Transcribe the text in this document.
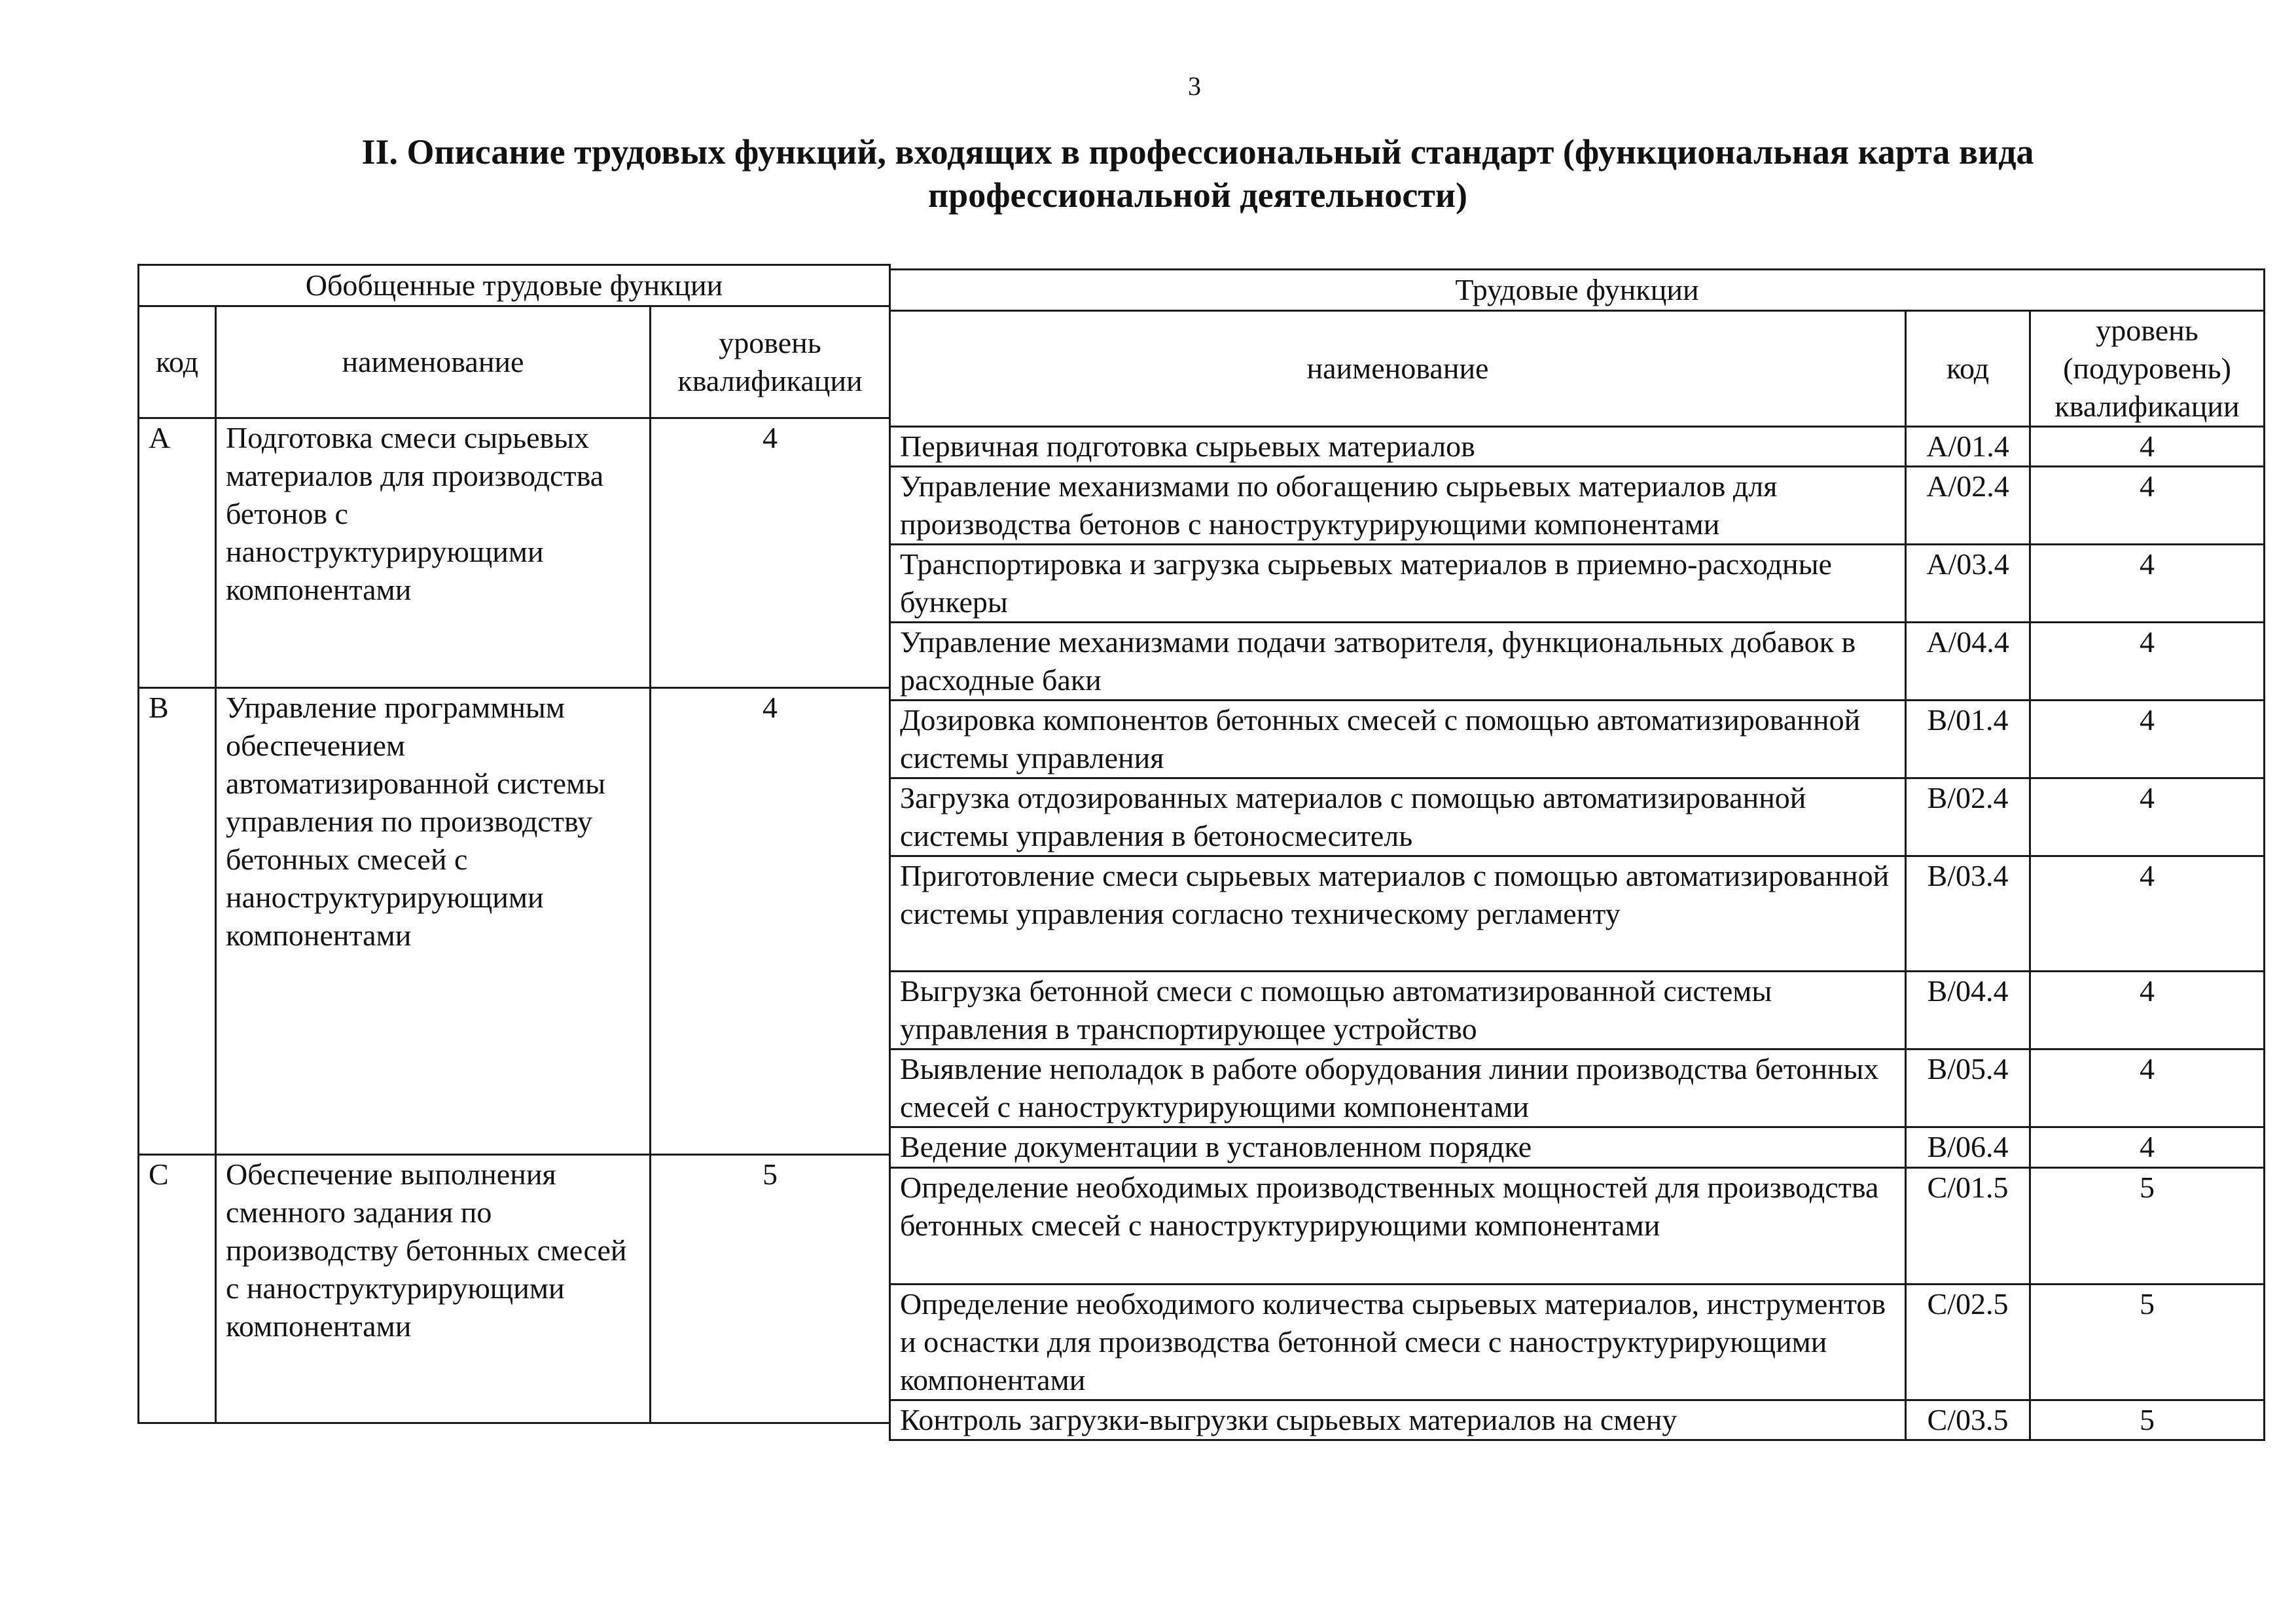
3
II. Описание трудовых функций, входящих в профессиональный стандарт (функциональная карта вида
профессиональной деятельности)
Обобщенные трудовые функции		
код	наименование	уровень квалификации
A	Подготовка смеси сырьевых материалов для производства бетонов с наноструктурирующими компонентами	4
B	Управление программным обеспечением автоматизированной системы управления по производству бетонных смесей с наноструктурирующими компонентами	4
C	Обеспечение выполнения сменного задания по производству бетонных смесей с наноструктурирующими компонентами	5
Трудовые функции		
наименование	код	уровень (подуровень) квалификации
Первичная подготовка сырьевых материалов	A/01.4	4
Управление механизмами по обогащению сырьевых материалов для производства бетонов с наноструктурирующими компонентами	A/02.4	4
Транспортировка и загрузка сырьевых материалов в приемно-расходные бункеры	A/03.4	4
Управление механизмами подачи затворителя, функциональных добавок в расходные баки	A/04.4	4
Дозировка компонентов бетонных смесей с помощью автоматизированной системы управления	B/01.4	4
Загрузка отдозированных материалов с помощью автоматизированной системы управления в бетоносмеситель	B/02.4	4
Приготовление смеси сырьевых материалов с помощью автоматизированной системы управления согласно техническому регламенту	B/03.4	4
Выгрузка бетонной смеси с помощью автоматизированной системы управления в транспортирующее устройство	B/04.4	4
Выявление неполадок в работе оборудования линии производства бетонных смесей с наноструктурирующими компонентами	B/05.4	4
Ведение документации в установленном порядке	B/06.4	4
Определение необходимых производственных мощностей для производства бетонных смесей с наноструктурирующими компонентами	C/01.5	5
Определение необходимого количества сырьевых материалов, инструментов и оснастки для производства бетонной смеси с наноструктурирующими компонентами	C/02.5	5
Контроль загрузки-выгрузки сырьевых материалов на смену	C/03.5	5
